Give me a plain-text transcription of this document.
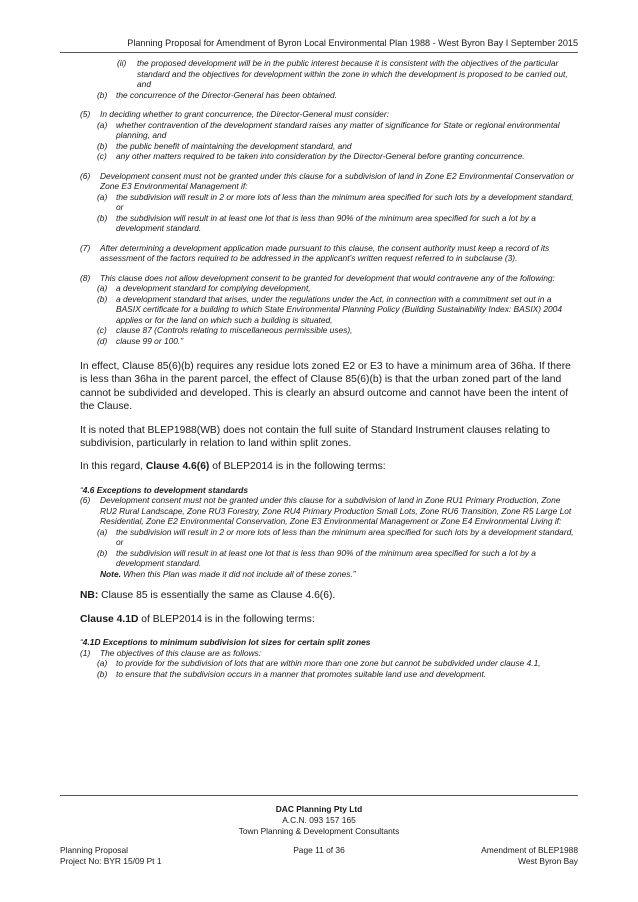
Planning Proposal for Amendment of Byron Local Environmental Plan 1988 - West Byron Bay I September 2015
(ii)	the proposed development will be in the public interest because it is consistent with the objectives of the particular standard and the objectives for development within the zone in which the development is proposed to be carried out, and
(b)	the concurrence of the Director-General has been obtained.
(5)	In deciding whether to grant concurrence, the Director-General must consider:
(a)	whether contravention of the development standard raises any matter of significance for State or regional environmental planning, and
(b)	the public benefit of maintaining the development standard, and
(c)	any other matters required to be taken into consideration by the Director-General before granting concurrence.
(6)	Development consent must not be granted under this clause for a subdivision of land in Zone E2 Environmental Conservation or Zone E3 Environmental Management if:
(a)	the subdivision will result in 2 or more lots of less than the minimum area specified for such lots by a development standard, or
(b)	the subdivision will result in at least one lot that is less than 90% of the minimum area specified for such a lot by a development standard.
(7)	After determining a development application made pursuant to this clause, the consent authority must keep a record of its assessment of the factors required to be addressed in the applicant’s written request referred to in subclause (3).
(8)	This clause does not allow development consent to be granted for development that would contravene any of the following:
(a)	a development standard for complying development,
(b)	a development standard that arises, under the regulations under the Act, in connection with a commitment set out in a BASIX certificate for a building to which State Environmental Planning Policy (Building Sustainability Index: BASIX) 2004 applies or for the land on which such a building is situated,
(c)	clause 87 (Controls relating to miscellaneous permissible uses),
(d)	clause 99 or 100.”

In effect, Clause 85(6)(b) requires any residue lots zoned E2 or E3 to have a minimum area of 36ha. If there is less than 36ha in the parent parcel, the effect of Clause 85(6)(b) is that the urban zoned part of the land cannot be subdivided and developed. This is clearly an absurd outcome and cannot have been the intent of the Clause.

It is noted that BLEP1988(WB) does not contain the full suite of Standard Instrument clauses relating to subdivision, particularly in relation to land within split zones.

In this regard, Clause 4.6(6) of BLEP2014 is in the following terms:

“4.6 Exceptions to development standards
(6)	Development consent must not be granted under this clause for a subdivision of land in Zone RU1 Primary Production, Zone RU2 Rural Landscape, Zone RU3 Forestry, Zone RU4 Primary Production Small Lots, Zone RU6 Transition, Zone R5 Large Lot Residential, Zone E2 Environmental Conservation, Zone E3 Environmental Management or Zone E4 Environmental Living if:
(a)	the subdivision will result in 2 or more lots of less than the minimum area specified for such lots by a development standard, or
(b)	the subdivision will result in at least one lot that is less than 90% of the minimum area specified for such a lot by a development standard.
Note. When this Plan was made it did not include all of these zones.”

NB: Clause 85 is essentially the same as Clause 4.6(6).

Clause 4.1D of BLEP2014 is in the following terms:

“4.1D Exceptions to minimum subdivision lot sizes for certain split zones
(1)	The objectives of this clause are as follows:
(a)	to provide for the subdivision of lots that are within more than one zone but cannot be subdivided under clause 4.1,
(b)	to ensure that the subdivision occurs in a manner that promotes suitable land use and development.
DAC Planning Pty Ltd
A.C.N. 093 157 165
Town Planning & Development Consultants
Planning Proposal
Project No: BYR 15/09 Pt 1
Page 11 of 36	Amendment of BLEP1988
West Byron Bay
